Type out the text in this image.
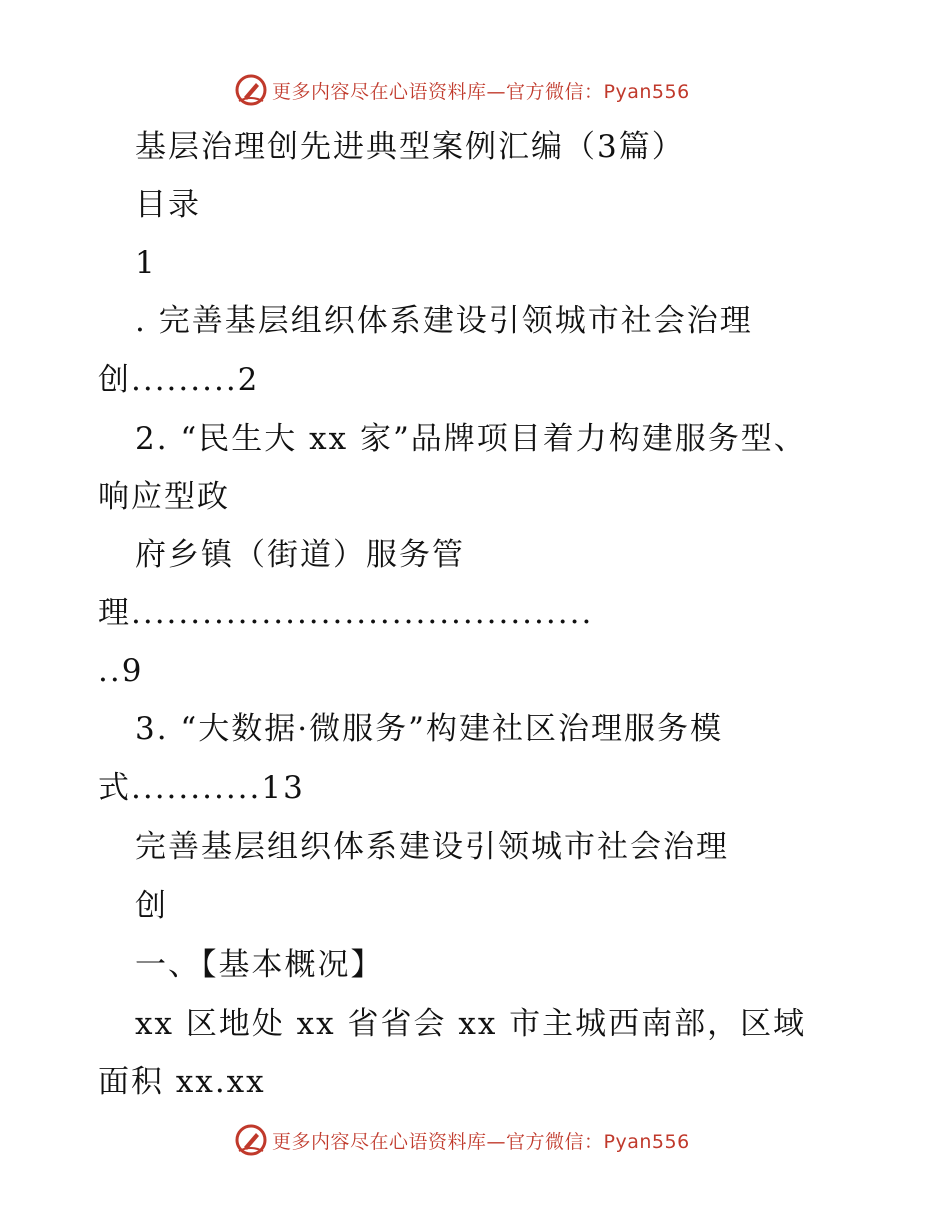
更多内容尽在心语资料库—官方微信：Pyan556
基层治理创先进典型案例汇编（3篇）
目录
1
. 完善基层组织体系建设引领城市社会治理
创.........2
2. “民生大 xx 家”品牌项目着力构建服务型、
响应型政
府乡镇（街道）服务管
理.......................................
..9
3. “大数据·微服务”构建社区治理服务模
式...........13
完善基层组织体系建设引领城市社会治理
创
一、【基本概况】
xx 区地处 xx 省省会 xx 市主城西南部，区域
面积 xx.xx
更多内容尽在心语资料库—官方微信：Pyan556
